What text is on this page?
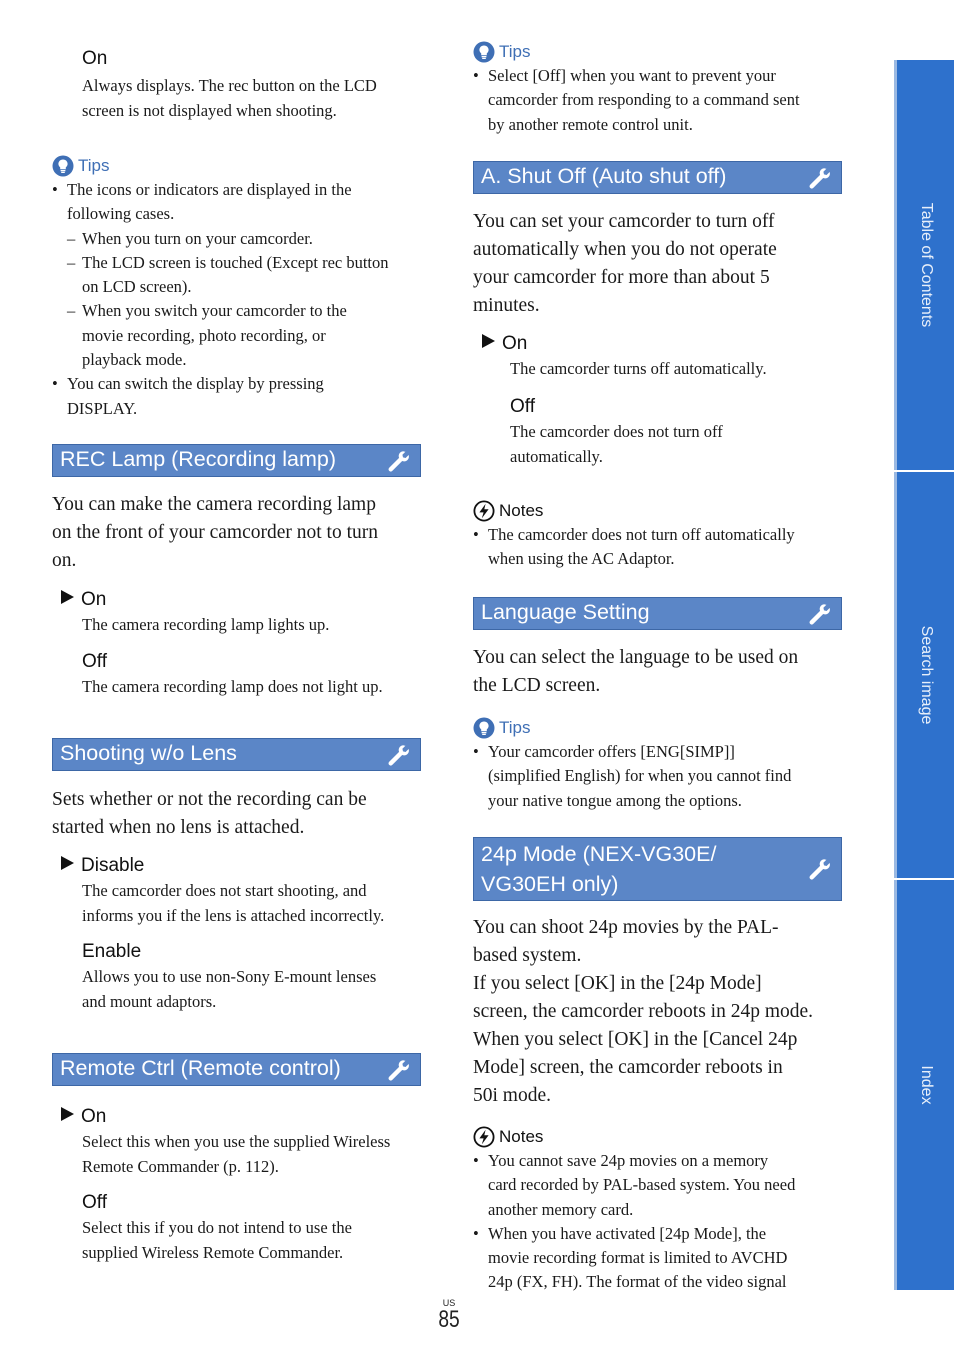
On
Always displays. The rec button on the LCD
screen is not displayed when shooting.
Tips
• The icons or indicators are displayed in the
following cases.
– When you turn on your camcorder.
– The LCD screen is touched (Except rec button
on LCD screen).
– When you switch your camcorder to the
movie recording, photo recording, or
playback mode.
• You can switch the display by pressing
DISPLAY.
REC Lamp (Recording lamp)
You can make the camera recording lamp
on the front of your camcorder not to turn
on.
On
The camera recording lamp lights up.
Off
The camera recording lamp does not light up.
Shooting w/o Lens
Sets whether or not the recording can be
started when no lens is attached.
Disable
The camcorder does not start shooting, and
informs you if the lens is attached incorrectly.
Enable
Allows you to use non-Sony E-mount lenses
and mount adaptors.
Remote Ctrl (Remote control)
On
Select this when you use the supplied Wireless
Remote Commander (p. 112).
Off
Select this if you do not intend to use the
supplied Wireless Remote Commander.
Tips
• Select [Off] when you want to prevent your
camcorder from responding to a command sent
by another remote control unit.
A. Shut Off (Auto shut off)
You can set your camcorder to turn off
automatically when you do not operate
your camcorder for more than about 5
minutes.
On
The camcorder turns off automatically.
Off
The camcorder does not turn off
automatically.
Notes
• The camcorder does not turn off automatically
when using the AC Adaptor.
Language Setting
You can select the language to be used on
the LCD screen.
Tips
• Your camcorder offers [ENG[SIMP]]
(simplified English) for when you cannot find
your native tongue among the options.
24p Mode (NEX-VG30E/
VG30EH only)
You can shoot 24p movies by the PAL-
based system.
If you select [OK] in the [24p Mode]
screen, the camcorder reboots in 24p mode.
When you select [OK] in the [Cancel 24p
Mode] screen, the camcorder reboots in
50i mode.
Notes
• You cannot save 24p movies on a memory
card recorded by PAL-based system. You need
another memory card.
• When you have activated [24p Mode], the
movie recording format is limited to AVCHD
24p (FX, FH). The format of the video signal
Table of Contents
Search image
Index
US
85
